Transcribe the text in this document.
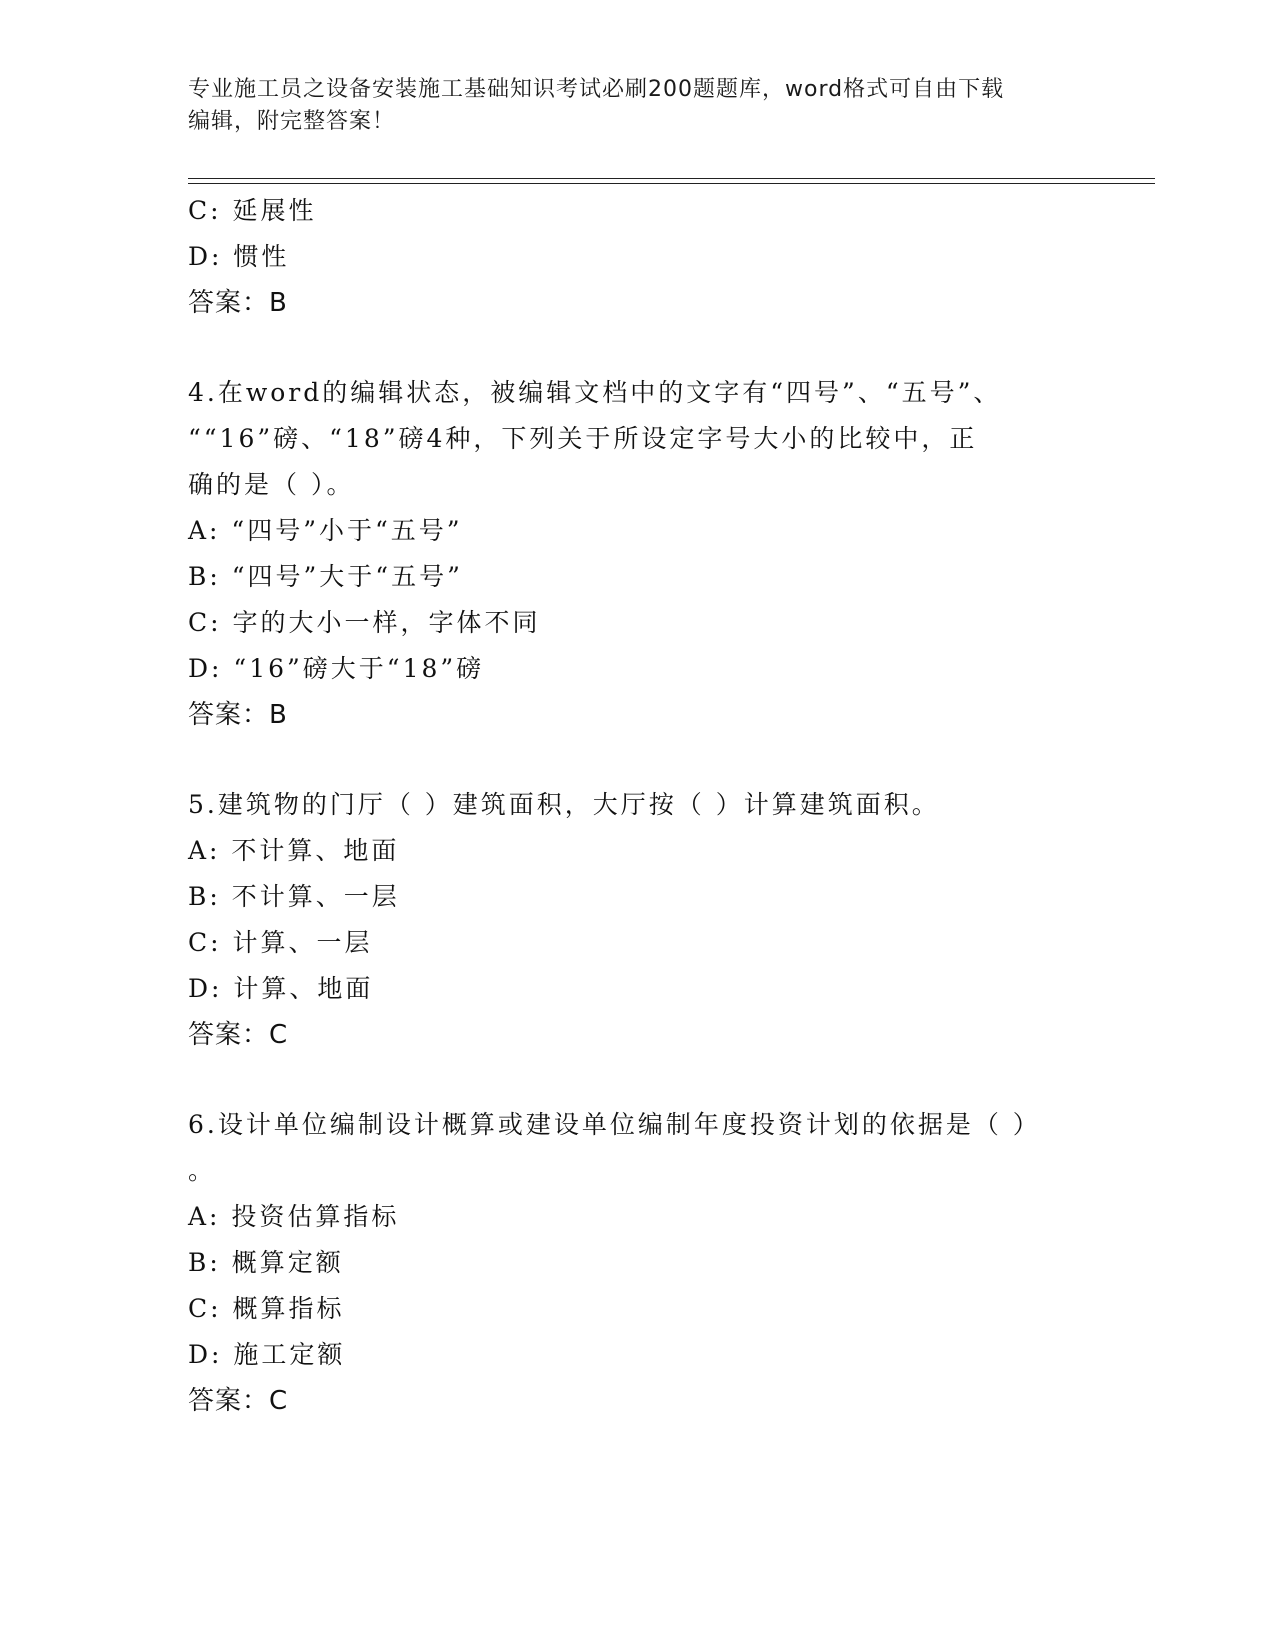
专业施工员之设备安装施工基础知识考试必刷200题题库，word格式可自由下载
编辑，附完整答案！
C: 延展性
D: 惯性
答案：B
4.在word的编辑状态，被编辑文档中的文字有“四号”、“五号”、
““16”磅、“18”磅4种，下列关于所设定字号大小的比较中，正
确的是（ ）。
A: “四号”小于“五号”
B: “四号”大于“五号”
C: 字的大小一样，字体不同
D: “16”磅大于“18”磅
答案：B
5.建筑物的门厅（ ）建筑面积，大厅按（ ）计算建筑面积。
A: 不计算、地面
B: 不计算、一层
C: 计算、一层
D: 计算、地面
答案：C
6.设计单位编制设计概算或建设单位编制年度投资计划的依据是（ ）
。
A: 投资估算指标
B: 概算定额
C: 概算指标
D: 施工定额
答案：C
